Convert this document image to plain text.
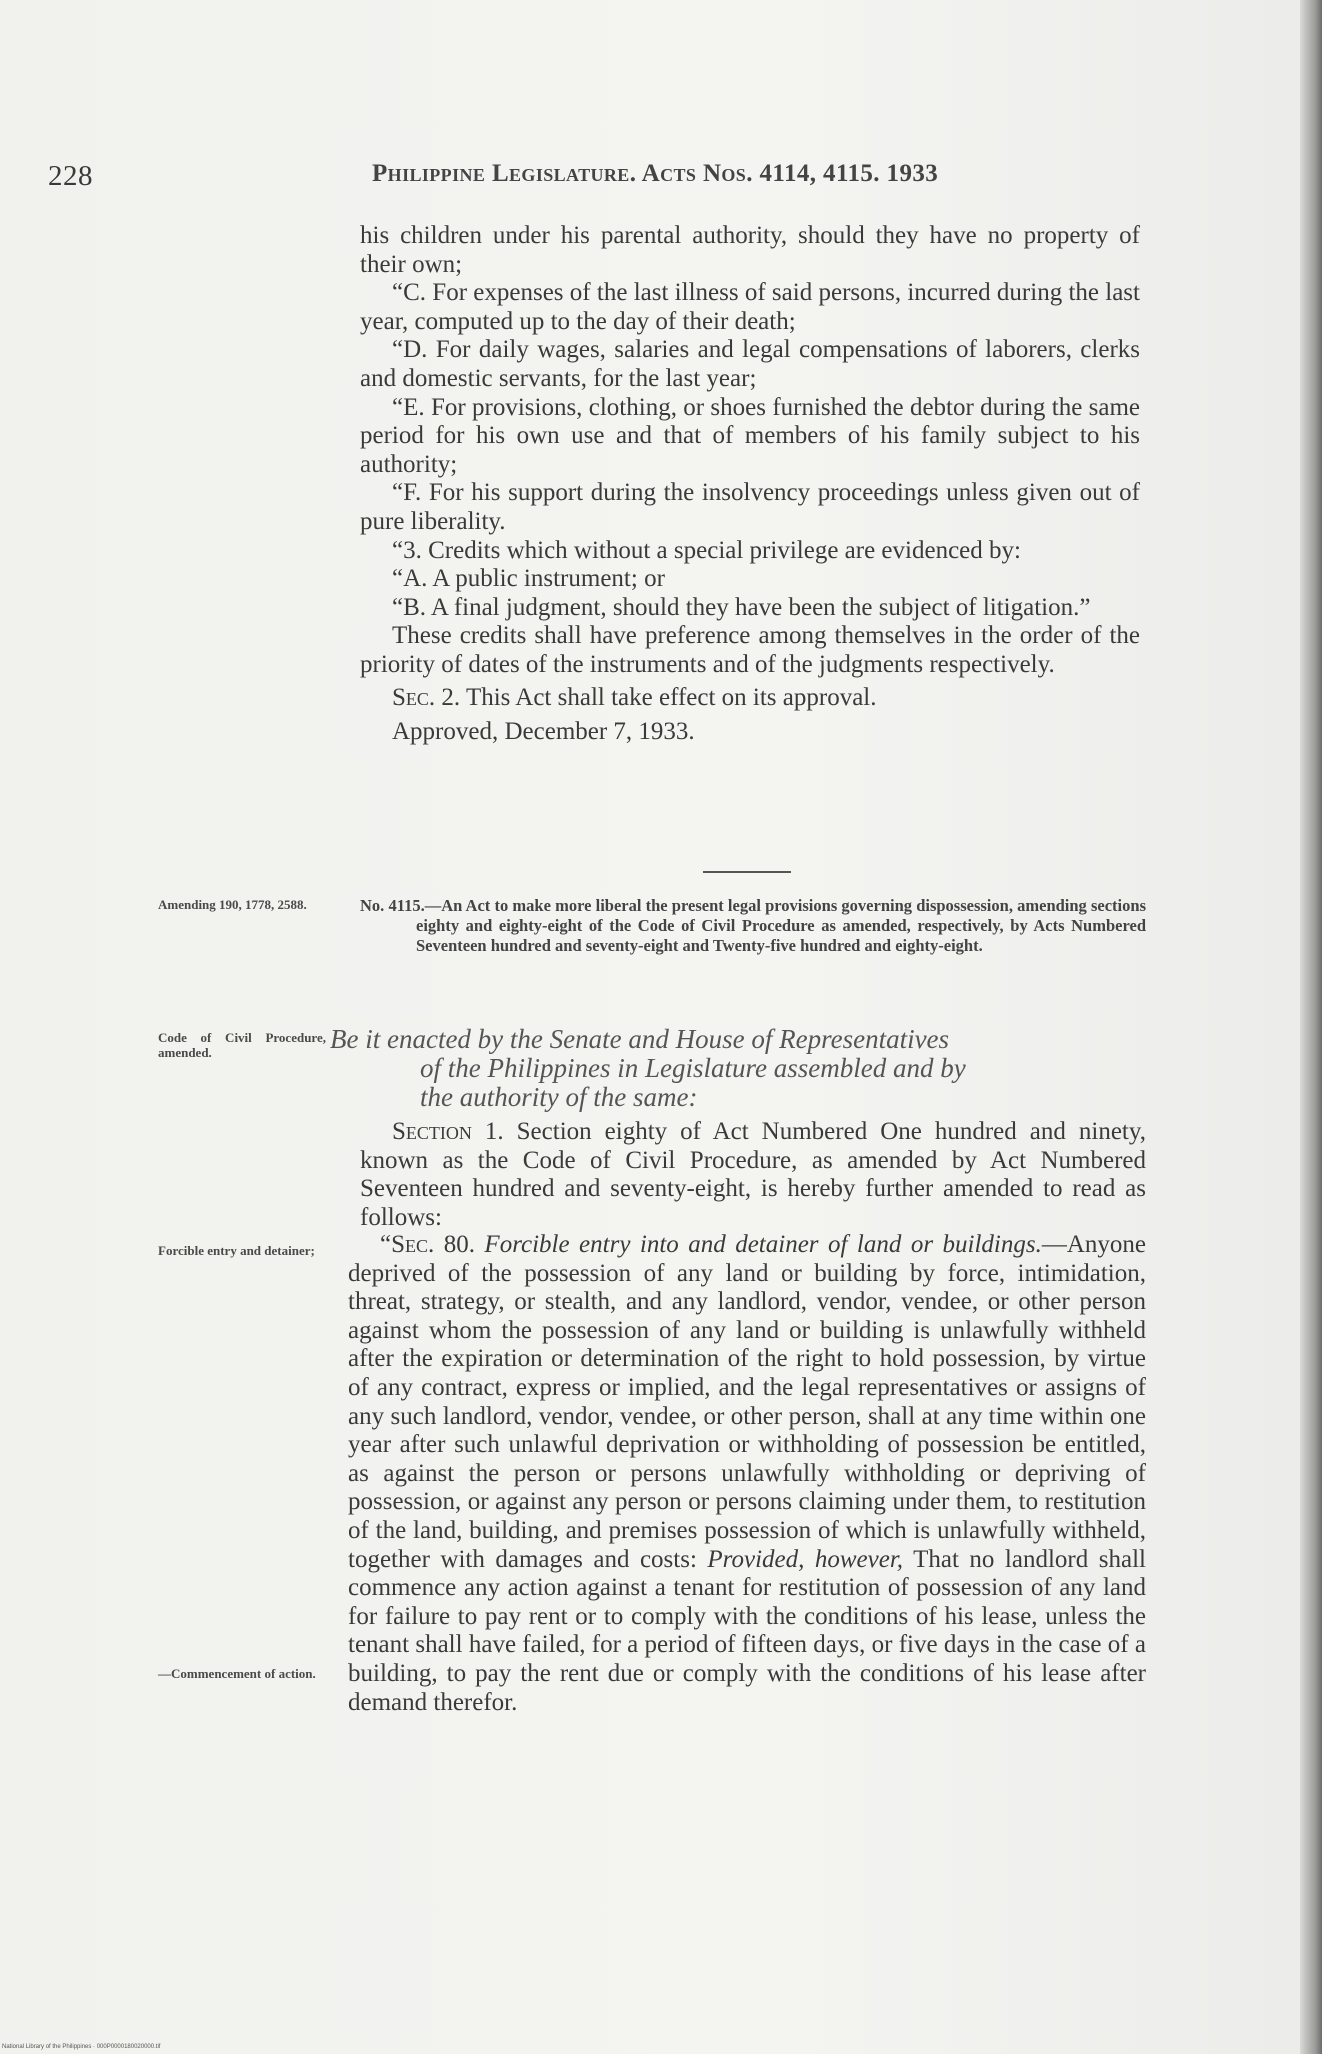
228	Philippine Legislature. Acts Nos. 4114, 4115. 1933

his children under his parental authority, should they have no property of their own;

“C. For expenses of the last illness of said persons, incurred during the last year, computed up to the day of their death;

“D. For daily wages, salaries and legal compensations of laborers, clerks and domestic servants, for the last year;

“E. For provisions, clothing, or shoes furnished the debtor during the same period for his own use and that of members of his family subject to his authority;

“F. For his support during the insolvency proceedings unless given out of pure liberality.

“3. Credits which without a special privilege are evidenced by:

“A. A public instrument; or

“B. A final judgment, should they have been the subject of litigation.”

These credits shall have preference among themselves in the order of the priority of dates of the instruments and of the judgments respectively.

Sec. 2. This Act shall take effect on its approval.

Approved, December 7, 1933.

Amending 190, 1778, 2588.	No. 4115.—An Act to make more liberal the present legal provisions governing dispossession, amending sections eighty and eighty-eight of the Code of Civil Procedure as amended, respectively, by Acts Numbered Seventeen hundred and seventy-eight and Twenty-five hundred and eighty-eight.

Code of Civil Procedure, amended.	Be it enacted by the Senate and House of Representatives
of the Philippines in Legislature assembled and by
the authority of the same:

Section 1. Section eighty of Act Numbered One hundred and ninety, known as the Code of Civil Procedure, as amended by Act Numbered Seventeen hundred and seventy-eight, is hereby further amended to read as follows:

Forcible entry and detainer;	“Sec. 80. Forcible entry into and detainer of land or buildings.—Anyone deprived of the possession of any land or building by force, intimidation, threat, strategy, or stealth, and any landlord, vendor, vendee, or other person against whom the possession of any land or building is unlawfully withheld after the expiration or determination of the right to hold possession, by virtue of any contract, express or implied, and the legal representatives or assigns of any such landlord, vendor, vendee, or other person, shall at any time within one year after such unlawful deprivation or withholding of possession be entitled, as against the person or persons unlawfully withholding or depriving of possession, or against any person or persons claiming under them, to restitution of the land, building, and premises possession of which is unlawfully withheld, together with damages and costs: Provided, however, That no landlord shall commence any action against a tenant for restitution of possession of any land for failure to pay rent or to comply with the conditions of his lease, unless the tenant shall have failed, for a period of fifteen days, or five days in the case of a building, to pay the rent due or comply with the conditions of his lease after demand therefor.

—Commencement of action.
National Library of the Philippines · 000P0000180020000.tif
